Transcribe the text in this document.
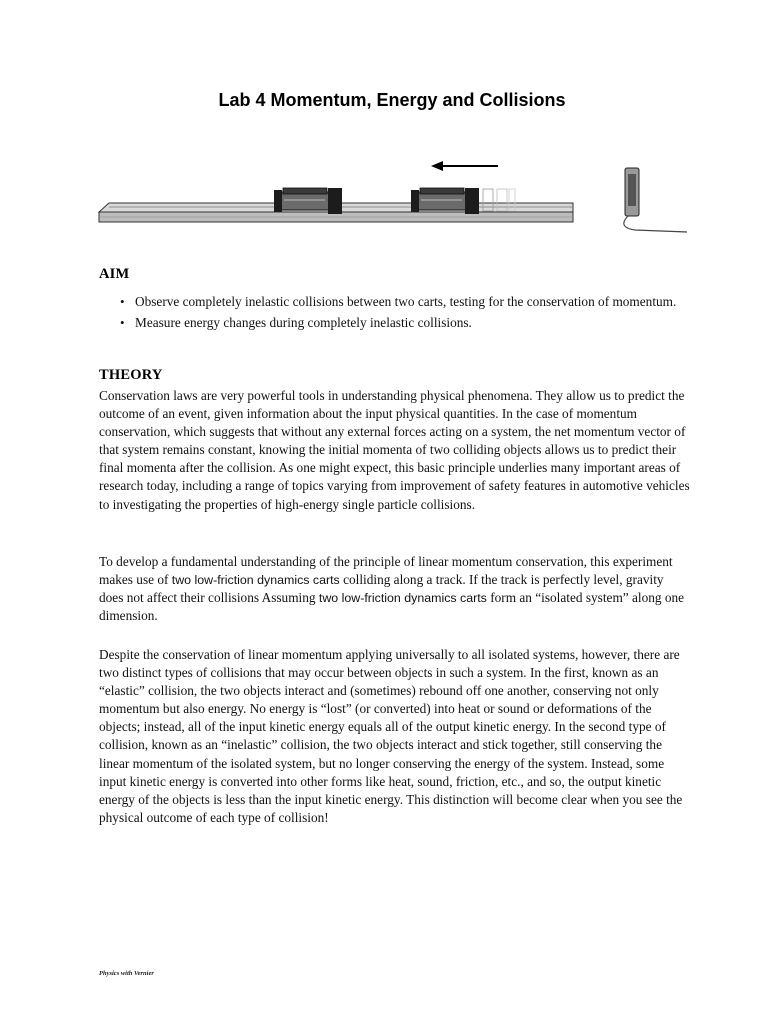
Lab 4 Momentum, Energy and Collisions
AIM
• Observe completely inelastic collisions between two carts, testing for the conservation of momentum.
• Measure energy changes during completely inelastic collisions.
THEORY

Conservation laws are very powerful tools in understanding physical phenomena. They allow us to predict the outcome of an event, given information about the input physical quantities. In the case of momentum conservation, which suggests that without any external forces acting on a system, the net momentum vector of that system remains constant, knowing the initial momenta of two colliding objects allows us to predict their final momenta after the collision. As one might expect, this basic principle underlies many important areas of research today, including a range of topics varying from improvement of safety features in automotive vehicles to investigating the properties of high-energy single particle collisions.

To develop a fundamental understanding of the principle of linear momentum conservation, this experiment makes use of two low-friction dynamics carts colliding along a track. If the track is perfectly level, gravity does not affect their collisions Assuming two low-friction dynamics carts form an “isolated system” along one dimension.

Despite the conservation of linear momentum applying universally to all isolated systems, however, there are two distinct types of collisions that may occur between objects in such a system. In the first, known as an “elastic” collision, the two objects interact and (sometimes) rebound off one another, conserving not only momentum but also energy. No energy is “lost” (or converted) into heat or sound or deformations of the objects; instead, all of the input kinetic energy equals all of the output kinetic energy. In the second type of collision, known as an “inelastic” collision, the two objects interact and stick together, still conserving the linear momentum of the isolated system, but no longer conserving the energy of the system. Instead, some input kinetic energy is converted into other forms like heat, sound, friction, etc., and so, the output kinetic energy of the objects is less than the input kinetic energy. This distinction will become clear when you see the physical outcome of each type of collision!

Physics with Vernier
